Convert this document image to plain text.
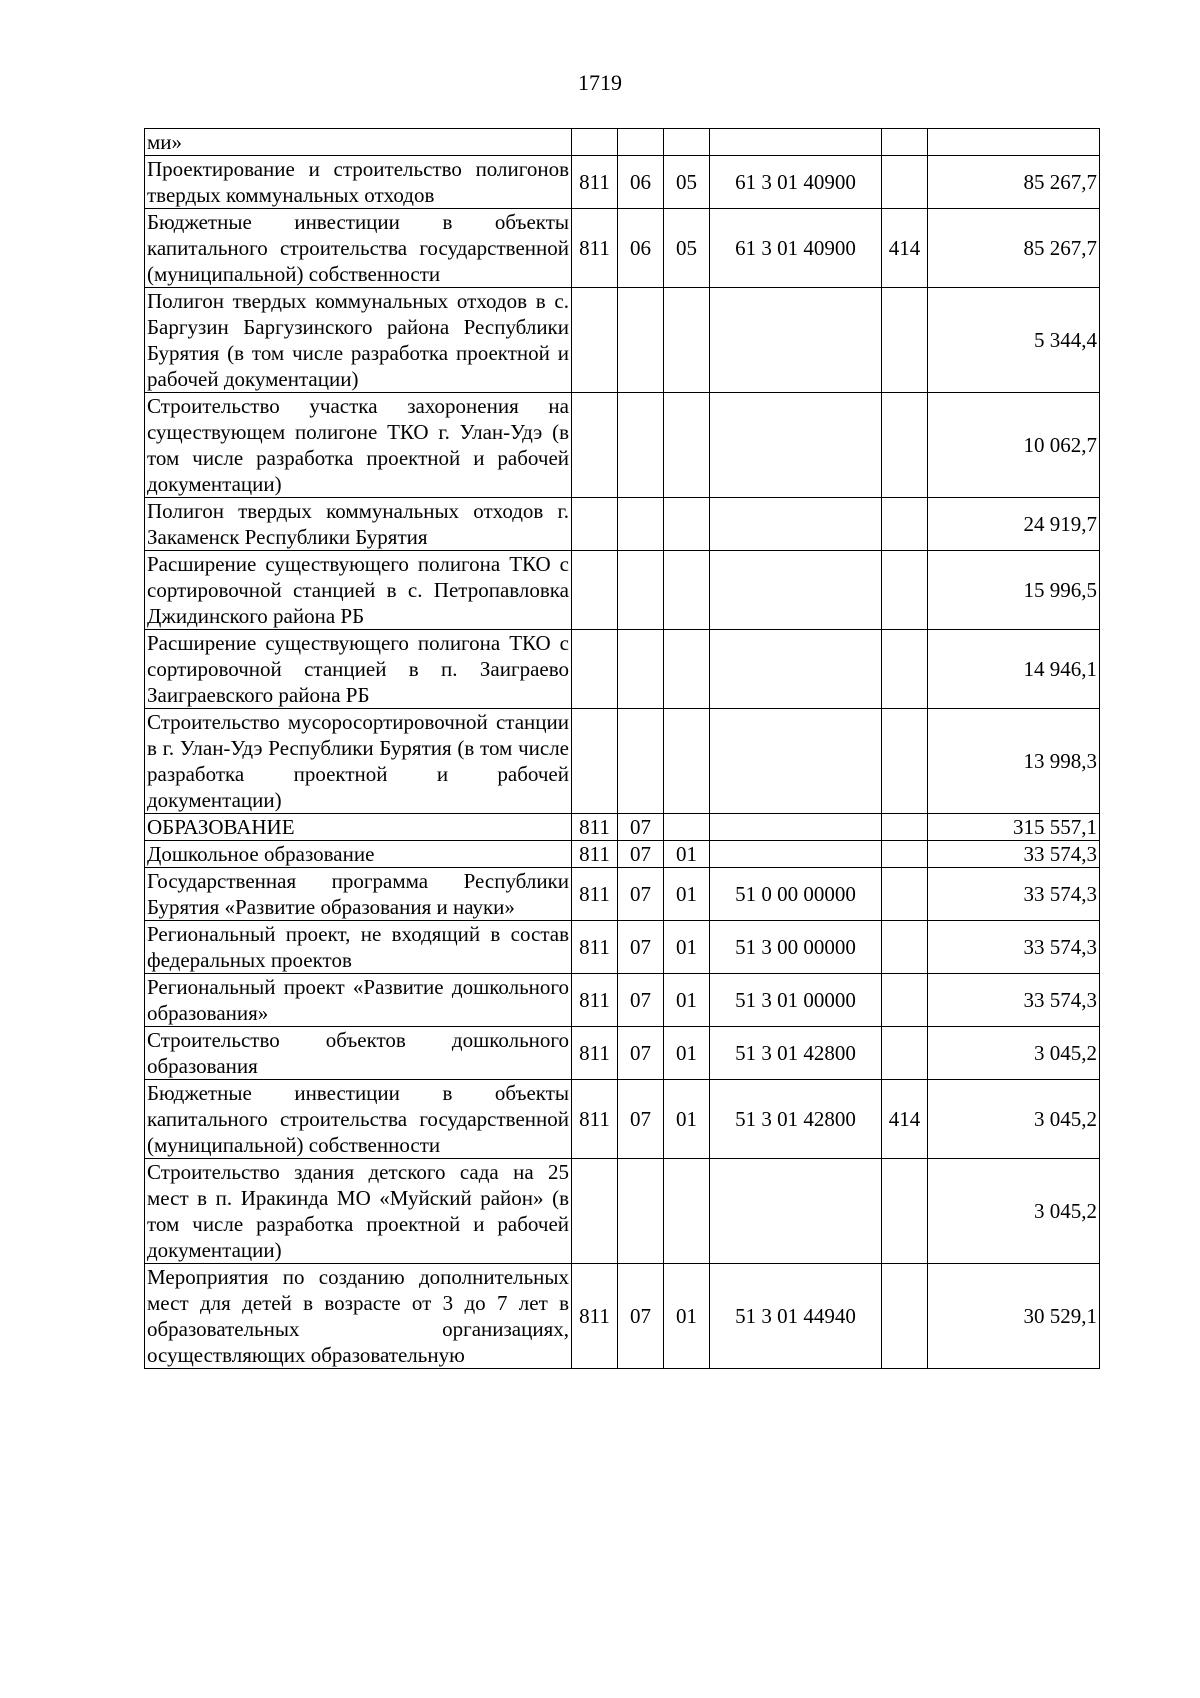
1719
ми»						
Проектирование и строительство полигонов твердых коммунальных отходов	811	06	05	61 3 01 40900		85 267,7
Бюджетные инвестиции в объекты капитального строительства государственной (муниципальной) собственности	811	06	05	61 3 01 40900	414	85 267,7
Полигон твердых коммунальных отходов в с. Баргузин Баргузинского района Республики Бурятия (в том числе разработка проектной и рабочей документации)						5 344,4
Строительство участка захоронения на существующем полигоне ТКО г. Улан-Удэ (в том числе разработка проектной и рабочей документации)						10 062,7
Полигон твердых коммунальных отходов г. Закаменск Республики Бурятия						24 919,7
Расширение существующего полигона ТКО с сортировочной станцией в с. Петропавловка Джидинского района РБ						15 996,5
Расширение существующего полигона ТКО с сортировочной станцией в п. Заиграево Заиграевского района РБ						14 946,1
Строительство мусоросортировочной станции в г. Улан-Удэ Республики Бурятия (в том числе разработка проектной и рабочей документации)						13 998,3
ОБРАЗОВАНИЕ	811	07				315 557,1
Дошкольное образование	811	07	01			33 574,3
Государственная программа Республики Бурятия «Развитие образования и науки»	811	07	01	51 0 00 00000		33 574,3
Региональный проект, не входящий в состав федеральных проектов	811	07	01	51 3 00 00000		33 574,3
Региональный проект «Развитие дошкольного образования»	811	07	01	51 3 01 00000		33 574,3
Строительство объектов дошкольного образования	811	07	01	51 3 01 42800		3 045,2
Бюджетные инвестиции в объекты капитального строительства государственной (муниципальной) собственности	811	07	01	51 3 01 42800	414	3 045,2
Строительство здания детского сада на 25 мест в п. Иракинда МО «Муйский район» (в том числе разработка проектной и рабочей документации)						3 045,2
Мероприятия по созданию дополнительных мест для детей в возрасте от 3 до 7 лет в образовательных организациях, осуществляющих образовательную	811	07	01	51 3 01 44940		30 529,1
